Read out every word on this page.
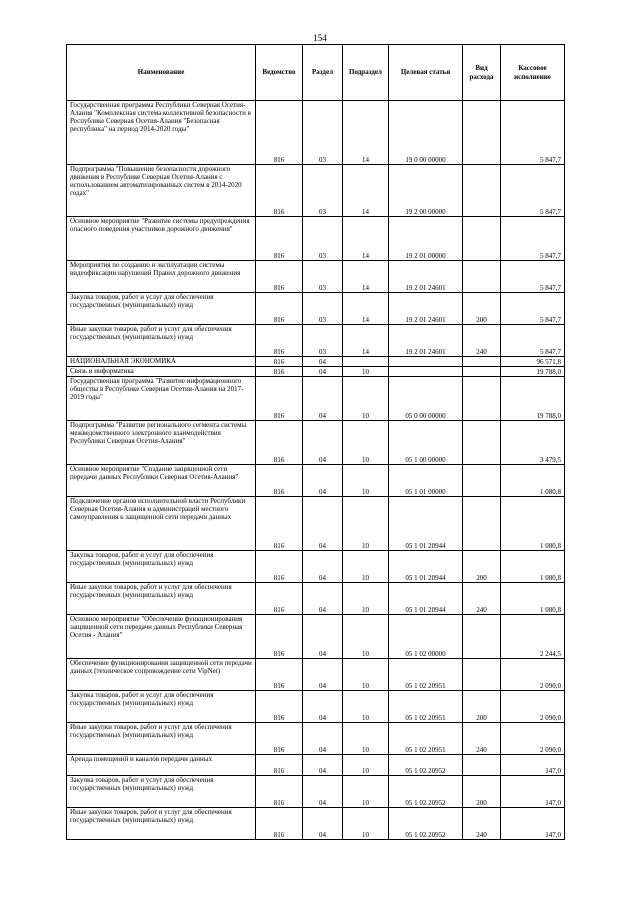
154
Наименование	Ведомство	Раздел	Подраздел	Целевая статья	Вид расхода	Кассовое исполнение
Государственная программа Республики Северная Осетия-Алания "Комплексная система коллективной безопасности в Республике Северная Осетия-Алания "Безопасная республика" на период 2014-2020 годы"	816	03	14	19 0 00 00000		5 847,7
Подпрограмма "Повышение безопасности дорожного движения в Республике Северная Осетия-Алания с использованием автоматизированных систем в 2014-2020 годах"	816	03	14	19 2 00 00000		5 847,7
Основное мероприятие "Развитие системы предупреждения опасного поведения участников дорожного движения"	816	03	14	19 2 01 00000		5 847,7
Мероприятия по созданию и эксплуатации системы видеофиксации нарушений Правил дорожного движения	816	03	14	19 2 01 24601		5 847,7
Закупка товаров, работ и услуг для обеспечения государственных (муниципальных) нужд	816	03	14	19 2 01 24601	200	5 847,7
Иные закупки товаров, работ и услуг для обеспечения государственных (муниципальных) нужд	816	03	14	19 2 01 24601	240	5 847,7
НАЦИОНАЛЬНАЯ ЭКОНОМИКА	816	04				96 571,8
Связь и информатика	816	04	10			19 788,0
Государственная программа "Развитие информационного общества в Республике Северная Осетия-Алания на 2017-2019 годы"	816	04	10	05 0 00 00000		19 788,0
Подпрограмма "Развитие регионального сегмента системы межведомственного электронного взаимодействия Республики Северная Осетия-Алания"	816	04	10	05 1 00 00000		3 479,5
Основное мероприятие "Создание защищенной сети передачи данных Республики Северная Осетия-Алания"	816	04	10	05 1 01 00000		1 080,8
Подключение органов исполнительной власти Республики Северная Осетия-Алания и администраций местного самоуправления к защищенной сети передачи данных	816	04	10	05 1 01 20944		1 080,8
Закупка товаров, работ и услуг для обеспечения государственных (муниципальных) нужд	816	04	10	05 1 01 20944	200	1 080,8
Иные закупки товаров, работ и услуг для обеспечения государственных (муниципальных) нужд	816	04	10	05 1 01 20944	240	1 080,8
Основное мероприятие "Обеспечение функционирования защищенной сети передачи данных Республики Северная Осетия - Алания"	816	04	10	05 1 02 00000		2 244,5
Обеспечение функционирования защищенной сети передачи данных (техническое сопровождение сети VipNet)	816	04	10	05 1 02 20951		2 090,0
Закупка товаров, работ и услуг для обеспечения государственных (муниципальных) нужд	816	04	10	05 1 02 20951	200	2 090,0
Иные закупки товаров, работ и услуг для обеспечения государственных (муниципальных) нужд	816	04	10	05 1 02 20951	240	2 090,0
Аренда помещений и каналов передачи данных	816	04	10	05 1 02 20952		147,0
Закупка товаров, работ и услуг для обеспечения государственных (муниципальных) нужд	816	04	10	05 1 02 20952	200	147,0
Иные закупки товаров, работ и услуг для обеспечения государственных (муниципальных) нужд	816	04	10	05 1 02 20952	240	147,0
